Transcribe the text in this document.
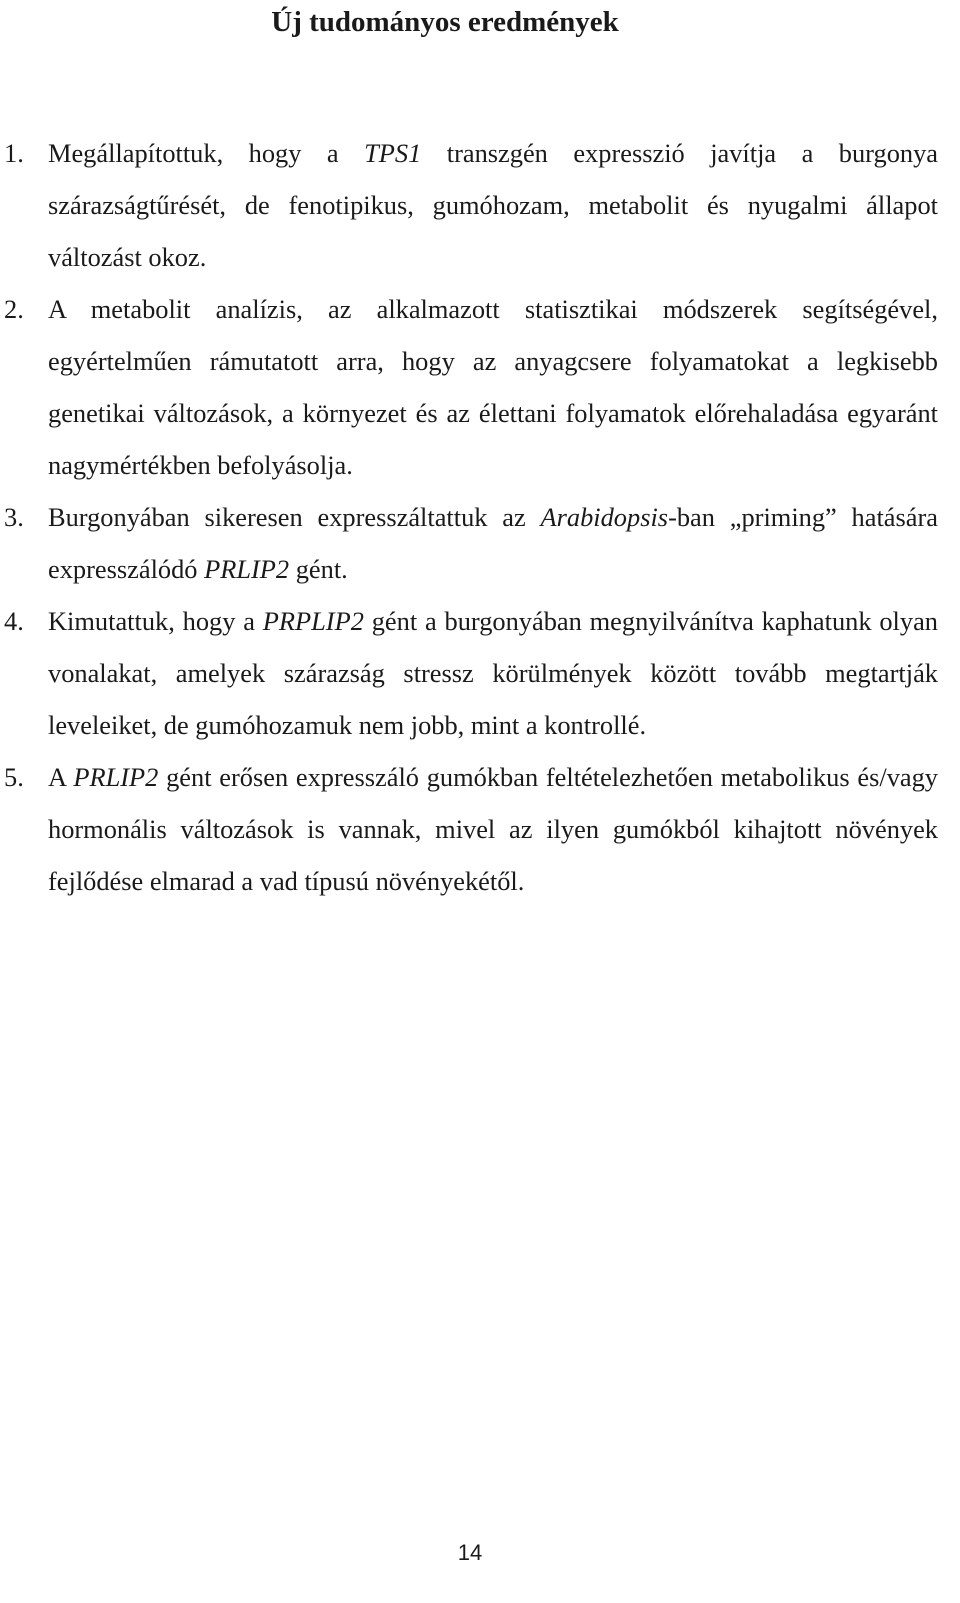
Új tudományos eredmények
1. Megállapítottuk, hogy a TPS1 transzgén expresszió javítja a burgonya szárazságtűrését, de fenotipikus, gumóhozam, metabolit és nyugalmi állapot változást okoz.
2. A metabolit analízis, az alkalmazott statisztikai módszerek segítségével, egyértelműen rámutatott arra, hogy az anyagcsere folyamatokat a legkisebb genetikai változások, a környezet és az élettani folyamatok előrehaladása egyaránt nagymértékben befolyásolja.
3. Burgonyában sikeresen expresszáltattuk az Arabidopsis-ban „priming” hatására expresszálódó PRLIP2 gént.
4. Kimutattuk, hogy a PRPLIP2 gént a burgonyában megnyilvánítva kaphatunk olyan vonalakat, amelyek szárazság stressz körülmények között tovább megtartják leveleiket, de gumóhozamuk nem jobb, mint a kontrollé.
5. A PRLIP2 gént erősen expresszáló gumókban feltételezhetően metabolikus és/vagy hormonális változások is vannak, mivel az ilyen gumókból kihajtott növények fejlődése elmarad a vad típusú növényekétől.
14
